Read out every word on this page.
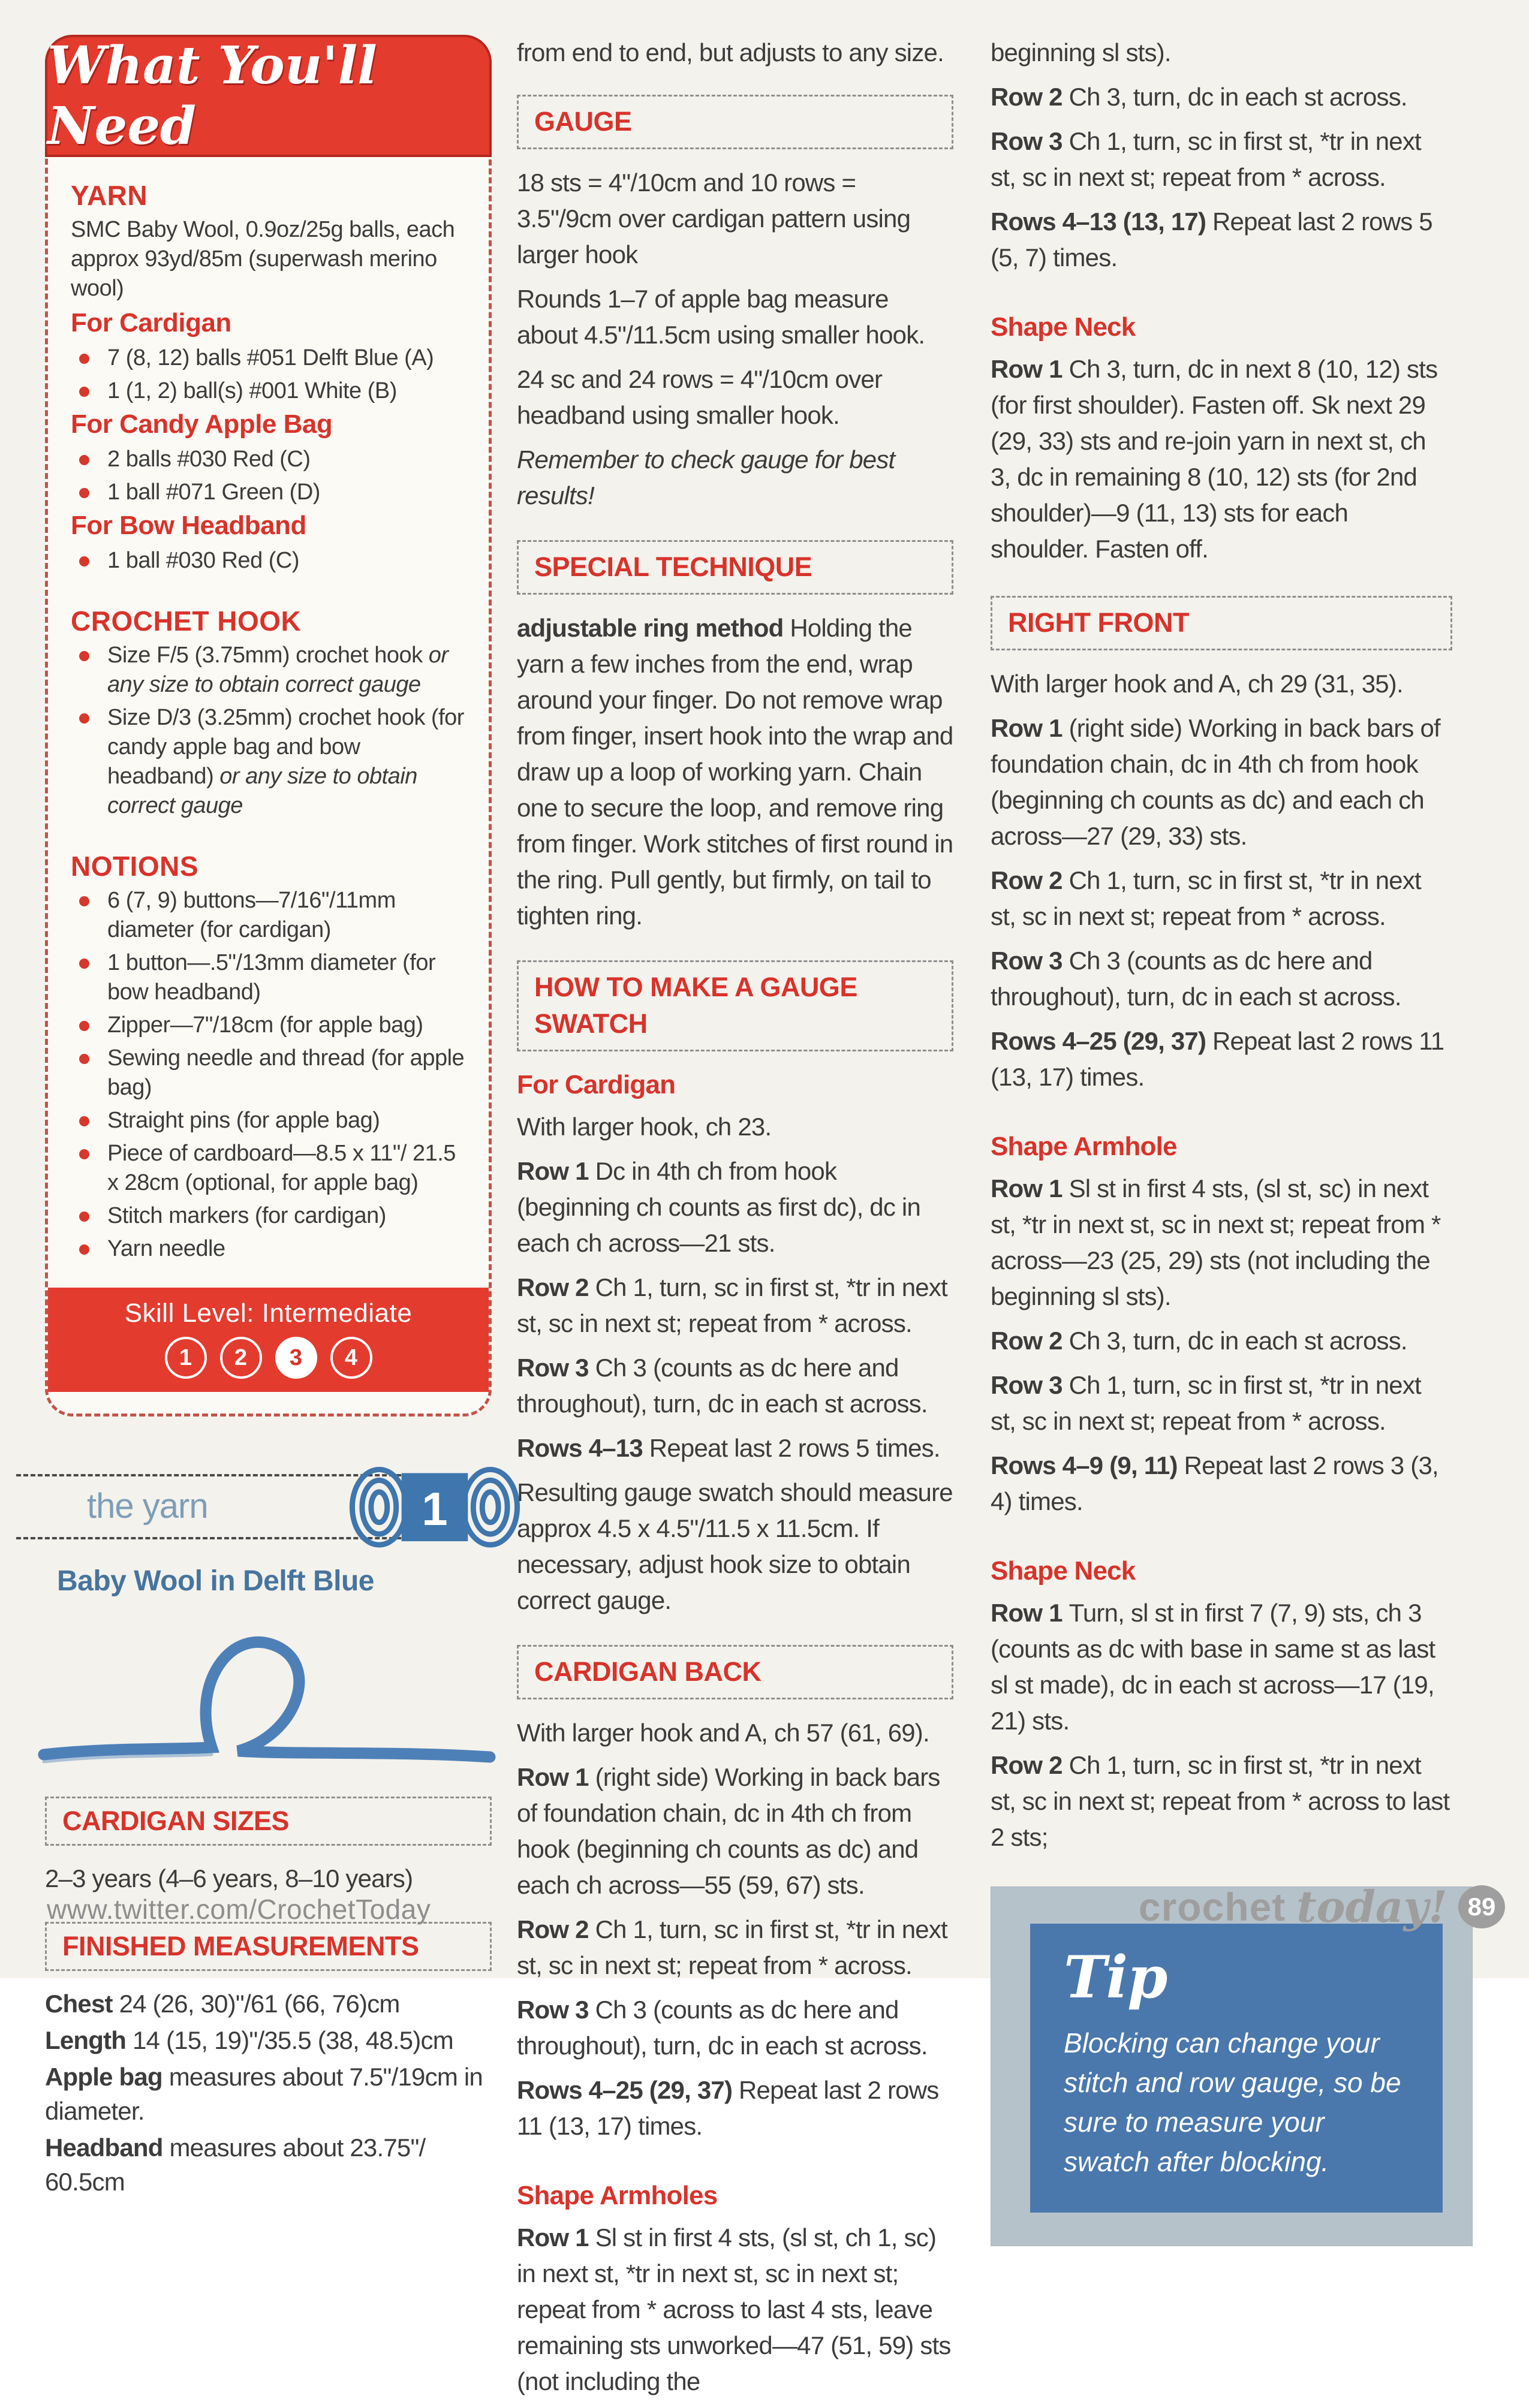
What You'll Need
YARN
SMC Baby Wool, 0.9oz/25g balls, each approx 93yd/85m (superwash merino wool)
For Cardigan
7 (8, 12) balls #051 Delft Blue (A)
1 (1, 2) ball(s) #001 White (B)
For Candy Apple Bag
2 balls #030 Red (C)
1 ball #071 Green (D)
For Bow Headband
1 ball #030 Red (C)
CROCHET HOOK
Size F/5 (3.75mm) crochet hook or any size to obtain correct gauge
Size D/3 (3.25mm) crochet hook (for candy apple bag and bow headband) or any size to obtain correct gauge
NOTIONS
6 (7, 9) buttons—7/16"/11mm diameter (for cardigan)
1 button—.5"/13mm diameter (for bow headband)
Zipper—7"/18cm (for apple bag)
Sewing needle and thread (for apple bag)
Straight pins (for apple bag)
Piece of cardboard—8.5 x 11"/ 21.5 x 28cm (optional, for apple bag)
Stitch markers (for cardigan)
Yarn needle
Skill Level: Intermediate
1	2	3	4
the yarn	1
Baby Wool in Delft Blue
CARDIGAN SIZES
2–3 years (4–6 years, 8–10 years)
FINISHED MEASUREMENTS
Chest 24 (26, 30)"/61 (66, 76)cm
Length 14 (15, 19)"/35.5 (38, 48.5)cm
Apple bag measures about 7.5"/19cm in diameter.
Headband measures about 23.75"/ 60.5cm
from end to end, but adjusts to any size.
GAUGE
18 sts = 4"/10cm and 10 rows = 3.5"/9cm over cardigan pattern using larger hook
Rounds 1–7 of apple bag measure about 4.5"/11.5cm using smaller hook.
24 sc and 24 rows = 4"/10cm over headband using smaller hook.
Remember to check gauge for best results!
SPECIAL TECHNIQUE
adjustable ring method Holding the yarn a few inches from the end, wrap around your finger. Do not remove wrap from finger, insert hook into the wrap and draw up a loop of working yarn. Chain one to secure the loop, and remove ring from finger. Work stitches of first round in the ring. Pull gently, but firmly, on tail to tighten ring.
HOW TO MAKE A GAUGE SWATCH
For Cardigan
With larger hook, ch 23.
Row 1 Dc in 4th ch from hook (beginning ch counts as first dc), dc in each ch across—21 sts.
Row 2 Ch 1, turn, sc in first st, *tr in next st, sc in next st; repeat from * across.
Row 3 Ch 3 (counts as dc here and throughout), turn, dc in each st across.
Rows 4–13 Repeat last 2 rows 5 times.
Resulting gauge swatch should measure approx 4.5 x 4.5"/11.5 x 11.5cm. If necessary, adjust hook size to obtain correct gauge.
CARDIGAN BACK
With larger hook and A, ch 57 (61, 69).
Row 1 (right side) Working in back bars of foundation chain, dc in 4th ch from hook (beginning ch counts as dc) and each ch across—55 (59, 67) sts.
Row 2 Ch 1, turn, sc in first st, *tr in next st, sc in next st; repeat from * across.
Row 3 Ch 3 (counts as dc here and throughout), turn, dc in each st across.
Rows 4–25 (29, 37) Repeat last 2 rows 11 (13, 17) times.
Shape Armholes
Row 1 Sl st in first 4 sts, (sl st, ch 1, sc) in next st, *tr in next st, sc in next st; repeat from * across to last 4 sts, leave remaining sts unworked—47 (51, 59) sts (not including the
beginning sl sts).
Row 2 Ch 3, turn, dc in each st across.
Row 3 Ch 1, turn, sc in first st, *tr in next st, sc in next st; repeat from * across.
Rows 4–13 (13, 17) Repeat last 2 rows 5 (5, 7) times.
Shape Neck
Row 1 Ch 3, turn, dc in next 8 (10, 12) sts (for first shoulder). Fasten off. Sk next 29 (29, 33) sts and re-join yarn in next st, ch 3, dc in remaining 8 (10, 12) sts (for 2nd shoulder)—9 (11, 13) sts for each shoulder. Fasten off.
RIGHT FRONT
With larger hook and A, ch 29 (31, 35).
Row 1 (right side) Working in back bars of foundation chain, dc in 4th ch from hook (beginning ch counts as dc) and each ch across—27 (29, 33) sts.
Row 2 Ch 1, turn, sc in first st, *tr in next st, sc in next st; repeat from * across.
Row 3 Ch 3 (counts as dc here and throughout), turn, dc in each st across.
Rows 4–25 (29, 37) Repeat last 2 rows 11 (13, 17) times.
Shape Armhole
Row 1 Sl st in first 4 sts, (sl st, sc) in next st, *tr in next st, sc in next st; repeat from * across—23 (25, 29) sts (not including the beginning sl sts).
Row 2 Ch 3, turn, dc in each st across.
Row 3 Ch 1, turn, sc in first st, *tr in next st, sc in next st; repeat from * across.
Rows 4–9 (9, 11) Repeat last 2 rows 3 (3, 4) times.
Shape Neck
Row 1 Turn, sl st in first 7 (7, 9) sts, ch 3 (counts as dc with base in same st as last sl st made), dc in each st across—17 (19, 21) sts.
Row 2 Ch 1, turn, sc in first st, *tr in next st, sc in next st; repeat from * across to last 2 sts;
Tip
Blocking can change your stitch and row gauge, so be sure to measure your swatch after blocking.
www.twitter.com/CrochetToday	crochet today! 89
